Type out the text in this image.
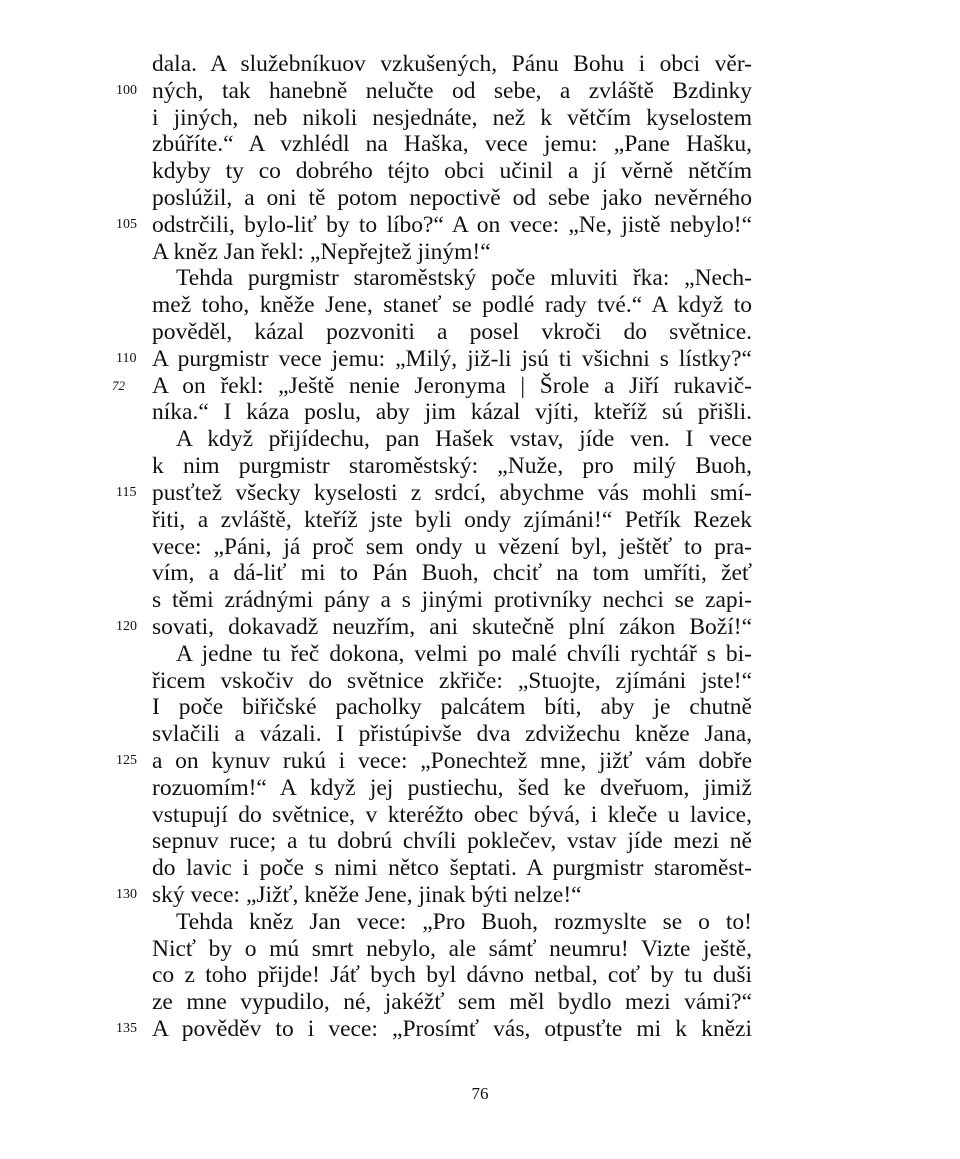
dala. A služebníkuov vzkušených, Pánu Bohu i obci věr-
ných, tak hanebně nelučte od sebe, a zvláště Bzdinky
i jiných, neb nikoli nesjednáte, než k větčím kyselostem
zbúříte.“ A vzhlédl na Haška, vece jemu: „Pane Hašku,
kdyby ty co dobrého téjto obci učinil a jí věrně nětčím
poslúžil, a oni tě potom nepoctivě od sebe jako nevěrného
odstrčili, bylo-liť by to líbo?“ A on vece: „Ne, jistě nebylo!“
A kněz Jan řekl: „Nepřejtež jiným!“
Tehda purgmistr staroměstský poče mluviti řka: „Nech-
mež toho, kněže Jene, staneť se podlé rady tvé.“ A když to
pověděl, kázal pozvoniti a posel vkroči do světnice.
A purgmistr vece jemu: „Milý, již-li jsú ti všichni s lístky?“
A on řekl: „Ještě nenie Jeronyma | Šrole a Jiří rukavič-
níka.“ I káza poslu, aby jim kázal vjíti, kteříž sú přišli.
A když přijídechu, pan Hašek vstav, jíde ven. I vece
k nim purgmistr staroměstský: „Nuže, pro milý Buoh,
pusťtež všecky kyselosti z srdcí, abychme vás mohli smí-
řiti, a zvláště, kteříž jste byli ondy zjímáni!“ Petřík Rezek
vece: „Páni, já proč sem ondy u vězení byl, ještěť to pra-
vím, a dá-liť mi to Pán Buoh, chciť na tom umříti, žeť
s těmi zrádnými pány a s jinými protivníky nechci se zapi-
sovati, dokavadž neuzřím, ani skutečně plní zákon Boží!“
A jedne tu řeč dokona, velmi po malé chvíli rychtář s bi-
řicem vskočiv do světnice zkřiče: „Stuojte, zjímáni jste!“
I poče biřičské pacholky palcátem bíti, aby je chutně
svlačili a vázali. I přistúpivše dva zdvižechu kněze Jana,
a on kynuv rukú i vece: „Ponechtež mne, jižť vám dobře
rozuomím!“ A když jej pustiechu, šed ke dveřuom, jimiž
vstupují do světnice, v kteréžto obec bývá, i kleče u lavice,
sepnuv ruce; a tu dobrú chvíli poklečev, vstav jíde mezi ně
do lavic i poče s nimi nětco šeptati. A purgmistr staroměst-
ský vece: „Jižť, kněže Jene, jinak býti nelze!“
Tehda kněz Jan vece: „Pro Buoh, rozmyslte se o to!
Nicť by o mú smrt nebylo, ale sámť neumru! Vizte ještě,
100
105
110
115
120
125
130
72
76
co z toho přijde! Jáť bych byl dávno netbal, coť by tu duši
ze mne vypudilo, né, jakéžť sem měl bydlo mezi vámi?“
A pověděv to i vece: „Prosímť vás, otpusťte mi k knězi
135
